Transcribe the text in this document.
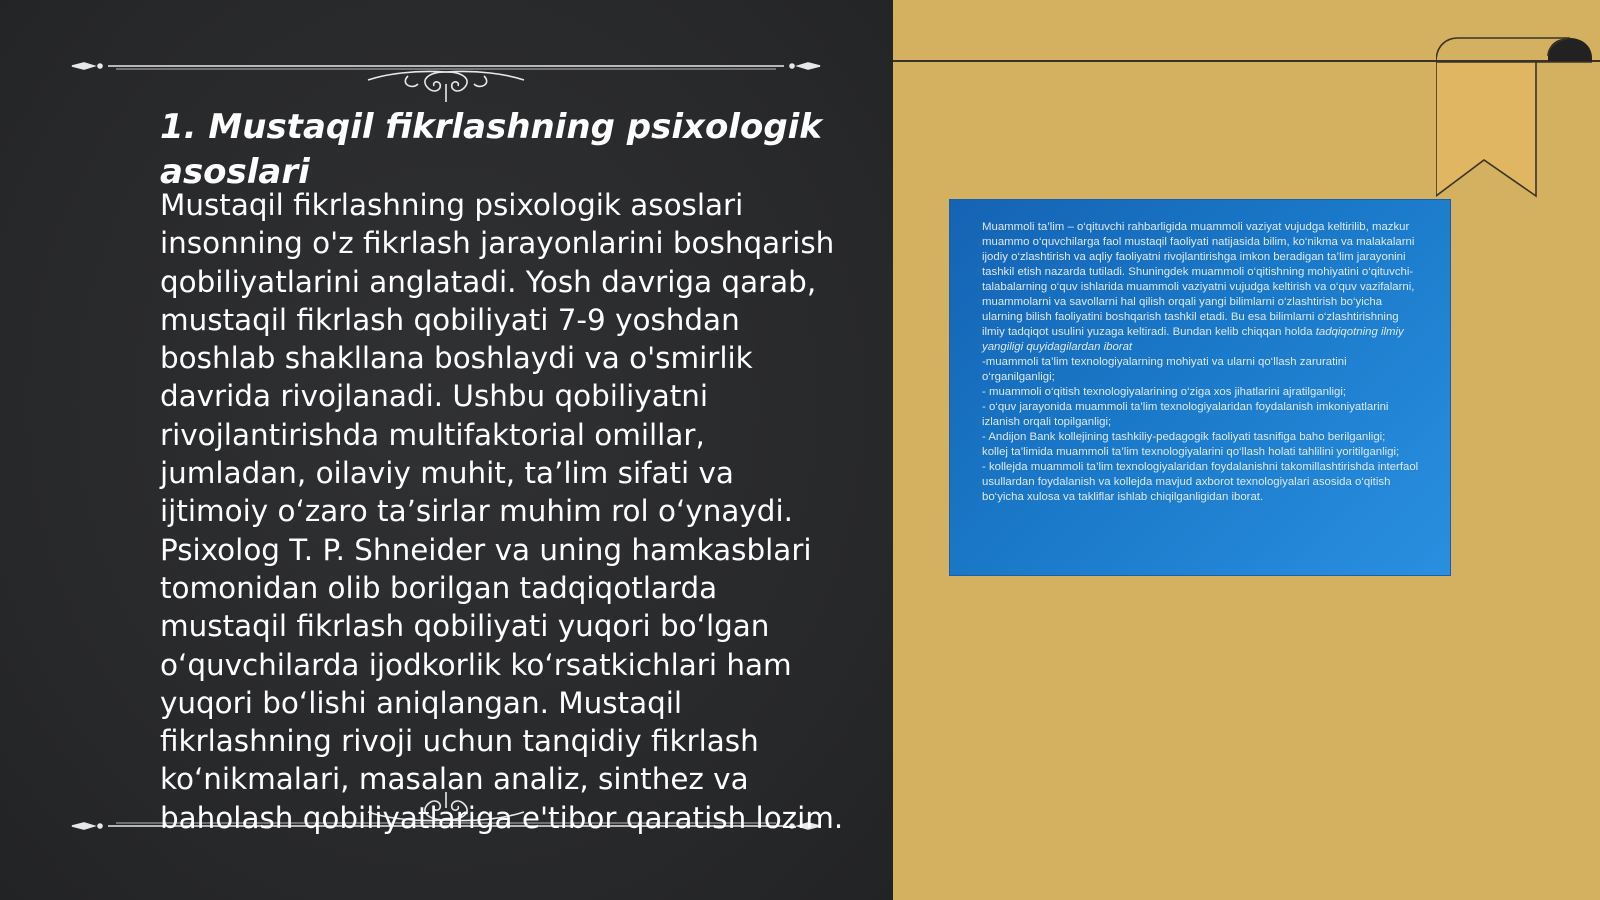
1. Mustaqil fikrlashning psixologik asoslari

Mustaqil fikrlashning psixologik asoslari insonning o'z fikrlash jarayonlarini boshqarish qobiliyatlarini anglatadi. Yosh davriga qarab, mustaqil fikrlash qobiliyati 7-9 yoshdan boshlab shakllana boshlaydi va o'smirlik davrida rivojlanadi. Ushbu qobiliyatni rivojlantirishda multifaktorial omillar, jumladan, oilaviy muhit, ta’lim sifati va ijtimoiy o‘zaro ta’sirlar muhim rol o‘ynaydi. Psixolog T. P. Shneider va uning hamkasblari tomonidan olib borilgan tadqiqotlarda mustaqil fikrlash qobiliyati yuqori bo‘lgan o‘quvchilarda ijodkorlik ko‘rsatkichlari ham yuqori bo‘lishi aniqlangan. Mustaqil fikrlashning rivoji uchun tanqidiy fikrlash ko‘nikmalari, masalan analiz, sinthez va baholash qobiliyatlariga e'tibor qaratish lozim.

Muammoli ta’lim – o‘qituvchi rahbarligida muammoli vaziyat vujudga keltirilib, mazkur muammo o‘quvchilarga faol mustaqil faoliyati natijasida bilim, ko‘nikma va malakalarni ijodiy o‘zlashtirish va aqliy faoliyatni rivojlantirishga imkon beradigan ta’lim jarayonini tashkil etish nazarda tutiladi. Shuningdek muammoli o‘qitishning mohiyatini o‘qituvchi-talabalarning o‘quv ishlarida muammoli vaziyatni vujudga keltirish va o‘quv vazifalarni, muammolarni va savollarni hal qilish orqali yangi bilimlarni o‘zlashtirish bo‘yicha ularning bilish faoliyatini boshqarish tashkil etadi. Bu esa bilimlarni o‘zlashtirishning ilmiy tadqiqot usulini yuzaga keltiradi. Bundan kelib chiqqan holda tadqiqotning ilmiy yangiligi quyidagilardan iborat
-muammoli ta’lim texnologiyalarning mohiyati va ularni qo‘llash zaruratini o‘rganilganligi;
- muammoli o‘qitish texnologiyalarining o‘ziga xos jihatlarini ajratilganligi;
- o‘quv jarayonida muammoli ta’lim texnologiyalaridan foydalanish imkoniyatlarini izlanish orqali topilganligi;
- Andijon Bank kollejining tashkiliy-pedagogik faoliyati tasnifiga baho berilganligi;
kollej ta’limida muammoli ta’lim texnologiyalarini qo‘llash holati tahlilini yoritilganligi;
- kollejda muammoli ta’lim texnologiyalaridan foydalanishni takomillashtirishda interfaol usullardan foydalanish va kollejda mavjud axborot texnologiyalari asosida o‘qitish bo‘yicha xulosa va takliflar ishlab chiqilganligidan iborat.
